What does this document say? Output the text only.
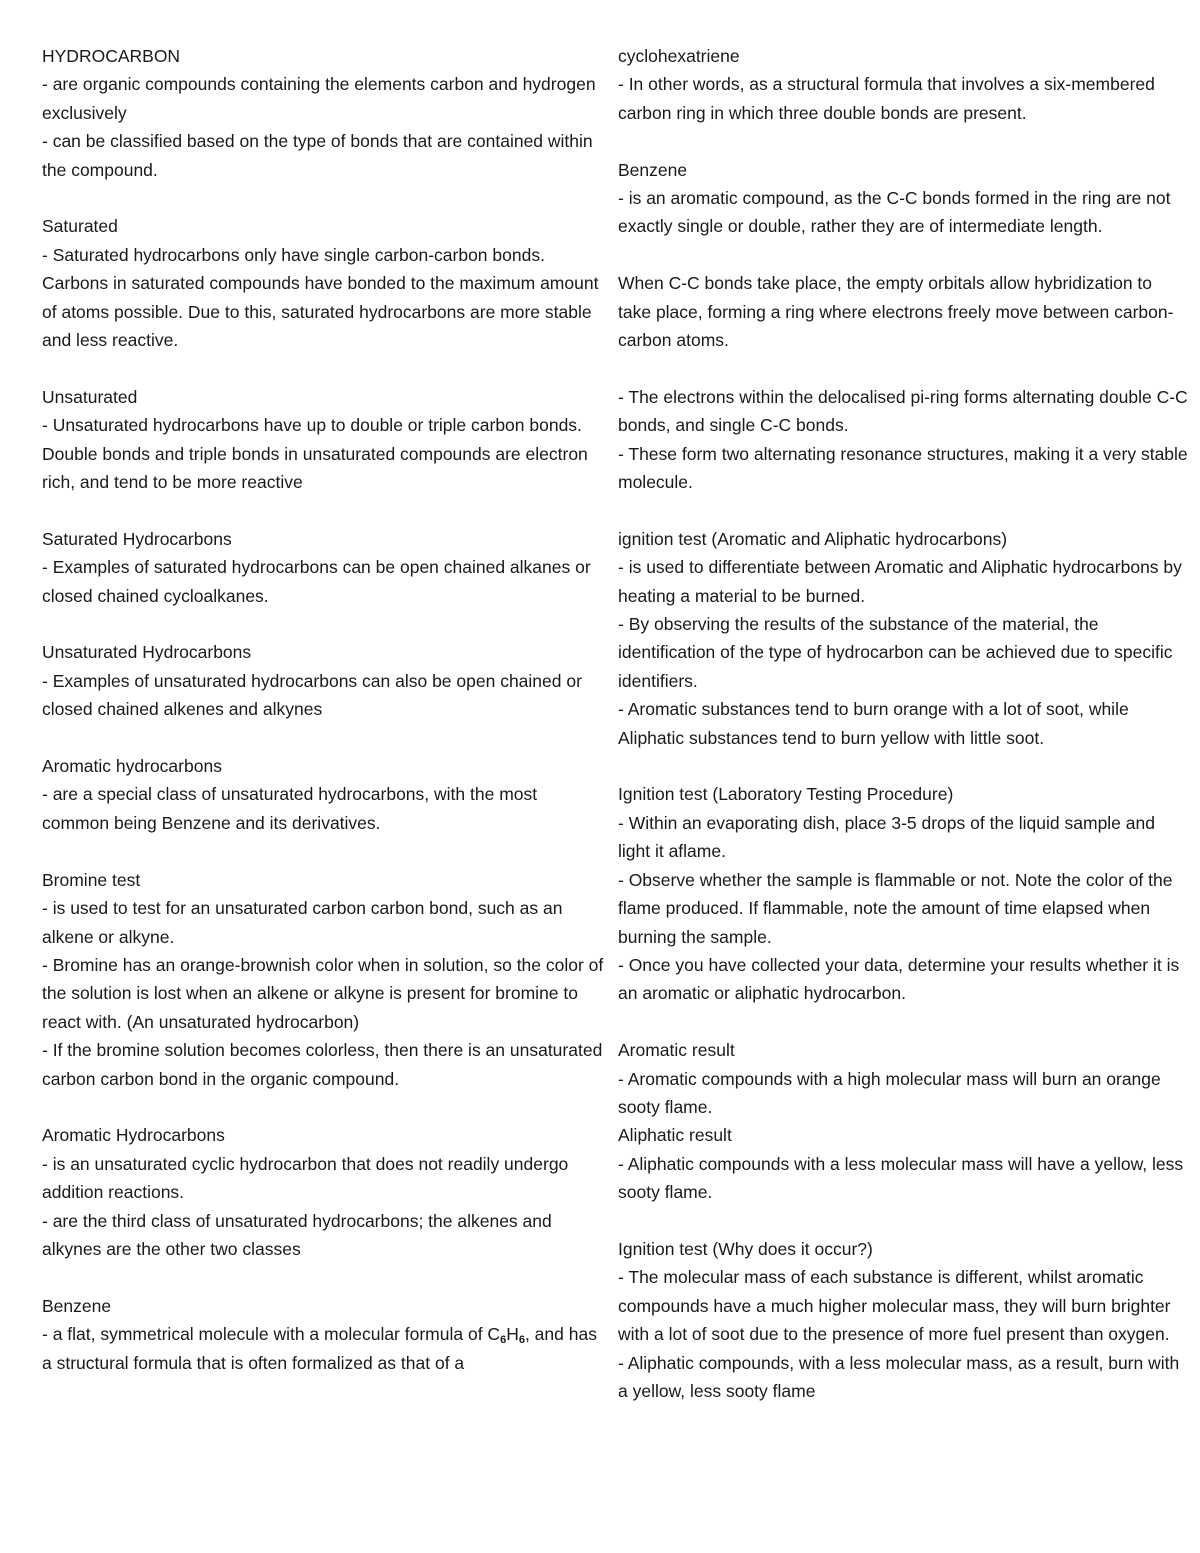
HYDROCARBON
- are organic compounds containing the elements carbon and hydrogen exclusively
- can be classified based on the type of bonds that are contained within the compound.
Saturated
- Saturated hydrocarbons only have single carbon-carbon bonds. Carbons in saturated compounds have bonded to the maximum amount of atoms possible. Due to this, saturated hydrocarbons are more stable and less reactive.
Unsaturated
- Unsaturated hydrocarbons have up to double or triple carbon bonds. Double bonds and triple bonds in unsaturated compounds are electron rich, and tend to be more reactive
Saturated Hydrocarbons
- Examples of saturated hydrocarbons can be open chained alkanes or closed chained cycloalkanes.
Unsaturated Hydrocarbons
- Examples of unsaturated hydrocarbons can also be open chained or closed chained alkenes and alkynes
Aromatic hydrocarbons
- are a special class of unsaturated hydrocarbons, with the most common being Benzene and its derivatives.
Bromine test
- is used to test for an unsaturated carbon carbon bond, such as an alkene or alkyne.
- Bromine has an orange-brownish color when in solution, so the color of the solution is lost when an alkene or alkyne is present for bromine to react with. (An unsaturated hydrocarbon)
- If the bromine solution becomes colorless, then there is an unsaturated carbon carbon bond in the organic compound.
Aromatic Hydrocarbons
- is an unsaturated cyclic hydrocarbon that does not readily undergo addition reactions.
- are the third class of unsaturated hydrocarbons; the alkenes and alkynes are the other two classes
Benzene
- a flat, symmetrical molecule with a molecular formula of $C_6H_6$, and has a structural formula that is often formalized as that of a
cyclohexatriene
- In other words, as a structural formula that involves a six-membered carbon ring in which three double bonds are present.
Benzene
- is an aromatic compound, as the C-C bonds formed in the ring are not exactly single or double, rather they are of intermediate length.
When C-C bonds take place, the empty orbitals allow hybridization to take place, forming a ring where electrons freely move between carbon-carbon atoms.
- The electrons within the delocalised pi-ring forms alternating double C-C bonds, and single C-C bonds.
- These form two alternating resonance structures, making it a very stable molecule.
ignition test (Aromatic and Aliphatic hydrocarbons)
- is used to differentiate between Aromatic and Aliphatic hydrocarbons by heating a material to be burned.
- By observing the results of the substance of the material, the identification of the type of hydrocarbon can be achieved due to specific identifiers.
- Aromatic substances tend to burn orange with a lot of soot, while Aliphatic substances tend to burn yellow with little soot.
Ignition test (Laboratory Testing Procedure)
- Within an evaporating dish, place 3-5 drops of the liquid sample and light it aflame.
- Observe whether the sample is flammable or not. Note the color of the flame produced. If flammable, note the amount of time elapsed when burning the sample.
- Once you have collected your data, determine your results whether it is an aromatic or aliphatic hydrocarbon.
Aromatic result
- Aromatic compounds with a high molecular mass will burn an orange sooty flame.
Aliphatic result
- Aliphatic compounds with a less molecular mass will have a yellow, less sooty flame.
Ignition test (Why does it occur?)
- The molecular mass of each substance is different, whilst aromatic compounds have a much higher molecular mass, they will burn brighter with a lot of soot due to the presence of more fuel present than oxygen.
- Aliphatic compounds, with a less molecular mass, as a result, burn with a yellow, less sooty flame
